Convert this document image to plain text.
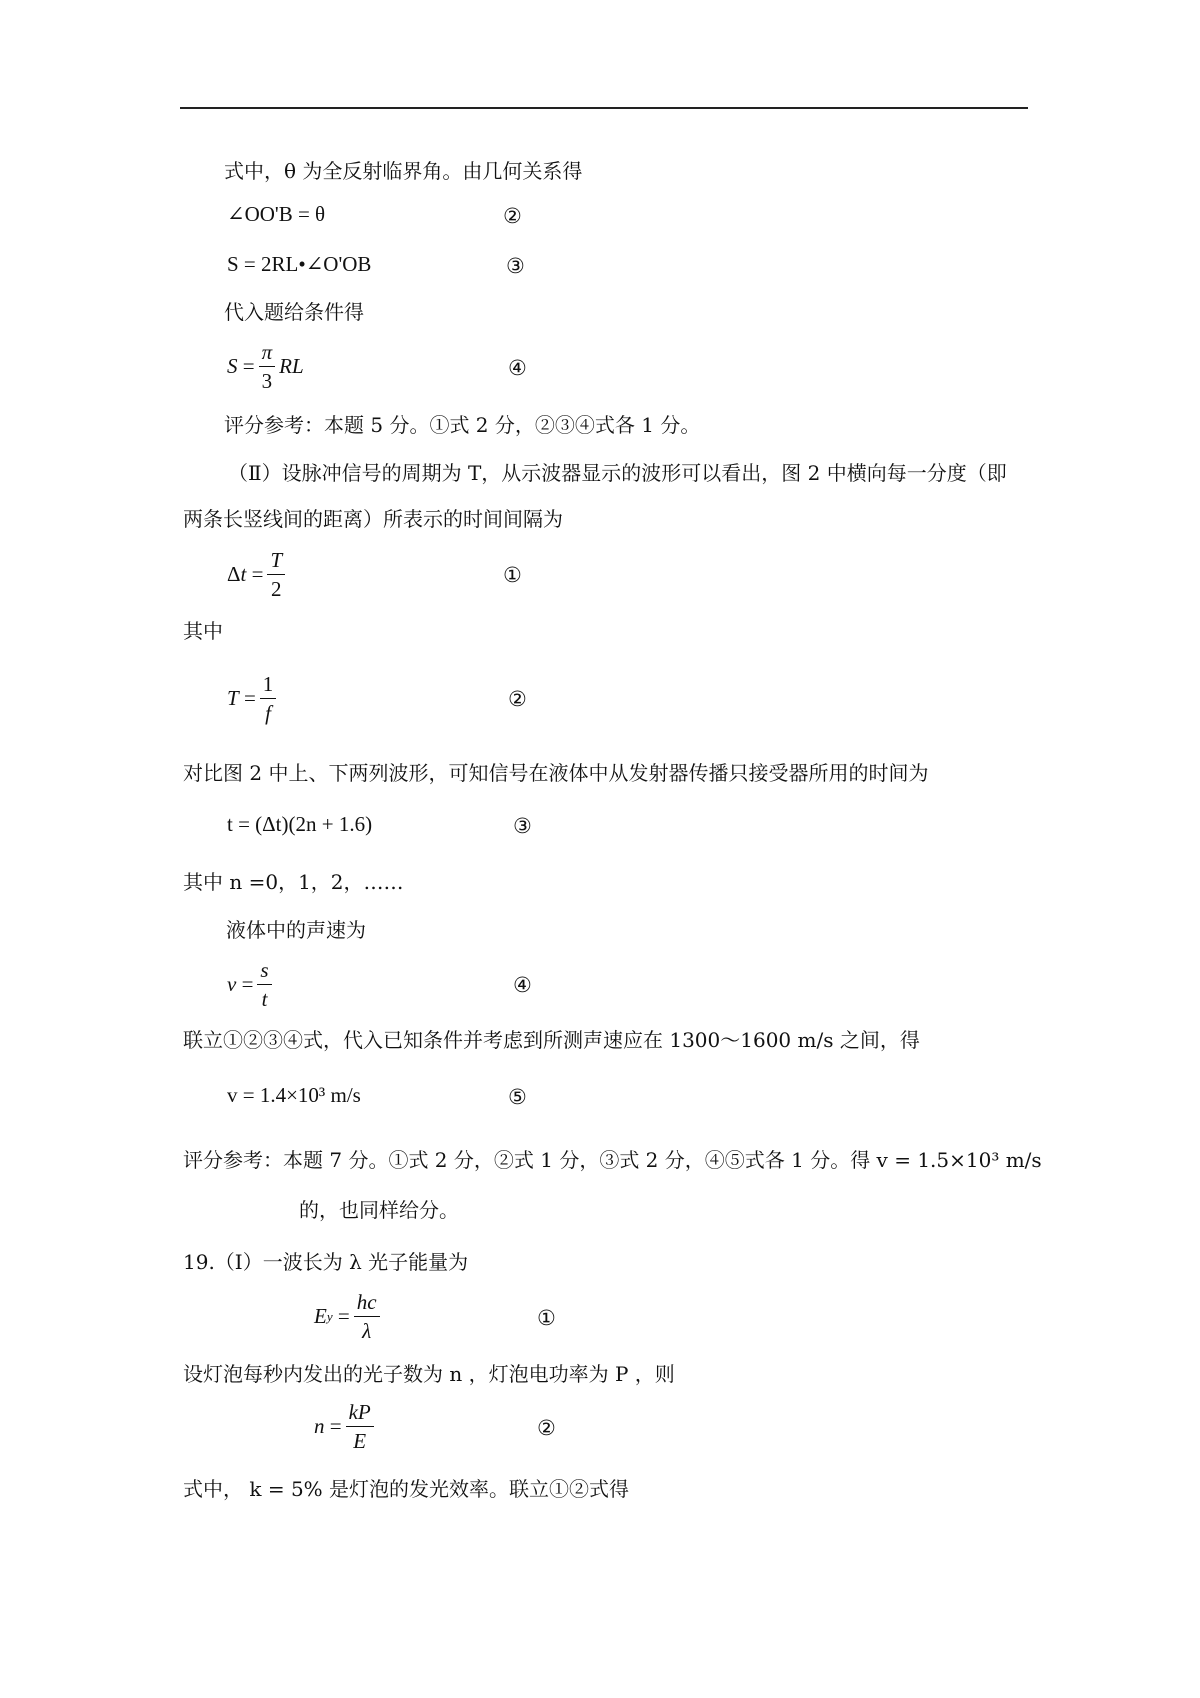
式中，θ 为全反射临界角。由几何关系得
∠OO'B = θ	②
S = 2RL•∠O'OB	③
代入题给条件得
$S = \frac{\pi}{3}$ RL	④
评分参考：本题 5 分。①式 2 分，②③④式各 1 分。
（Ⅱ）设脉冲信号的周期为 T，从示波器显示的波形可以看出，图 2 中横向每一分度（即
两条长竖线间的距离）所表示的时间间隔为
Δ $t = \frac{T}{2}$	①
其中
$T = \frac{1}{f}$	②
对比图 2 中上、下两列波形，可知信号在液体中从发射器传播只接受器所用的时间为
t = (Δt)(2n + 1.6)	③
其中 n =0，1，2，……
液体中的声速为
$v = \frac{s}{t}$	④
联立①②③④式，代入已知条件并考虑到所测声速应在 1300～1600 m/s 之间，得
v = 1.4×10³ m/s	⑤
评分参考：本题 7 分。①式 2 分，②式 1 分，③式 2 分，④⑤式各 1 分。得 v = 1.5×10³ m/s
的，也同样给分。
19.（Ⅰ）一波长为 λ 光子能量为
E $y = \frac{hc}{\lambda}$	①
设灯泡每秒内发出的光子数为 n ，灯泡电功率为 P ，则
$n = \frac{kP}{E}$	②
式中， k = 5% 是灯泡的发光效率。联立①②式得
